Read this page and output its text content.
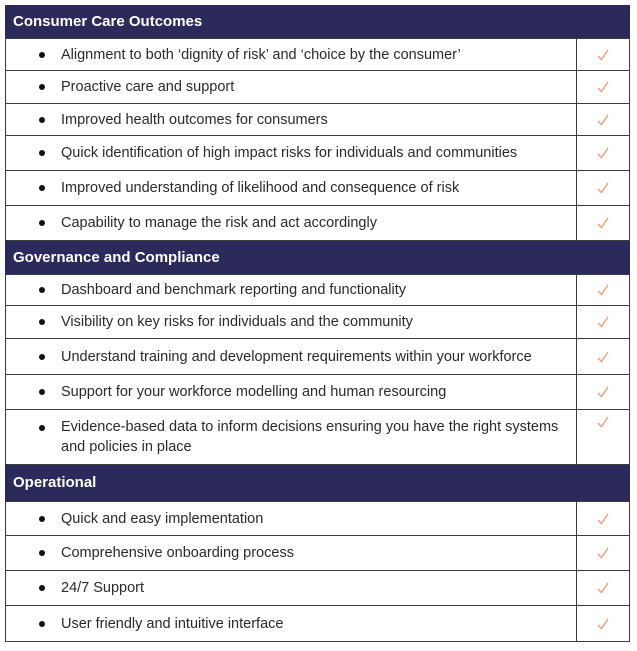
Consumer Care Outcomes
Alignment to both ‘dignity of risk’ and ‘choice by the consumer’
Proactive care and support
Improved health outcomes for consumers
Quick identification of high impact risks for individuals and communities
Improved understanding of likelihood and consequence of risk
Capability to manage the risk and act accordingly
Governance and Compliance
Dashboard and benchmark reporting and functionality
Visibility on key risks for individuals and the community
Understand training and development requirements within your workforce
Support for your workforce modelling and human resourcing
Evidence-based data to inform decisions ensuring you have the right systems and policies in place
Operational
Quick and easy implementation
Comprehensive onboarding process
24/7 Support
User friendly and intuitive interface
